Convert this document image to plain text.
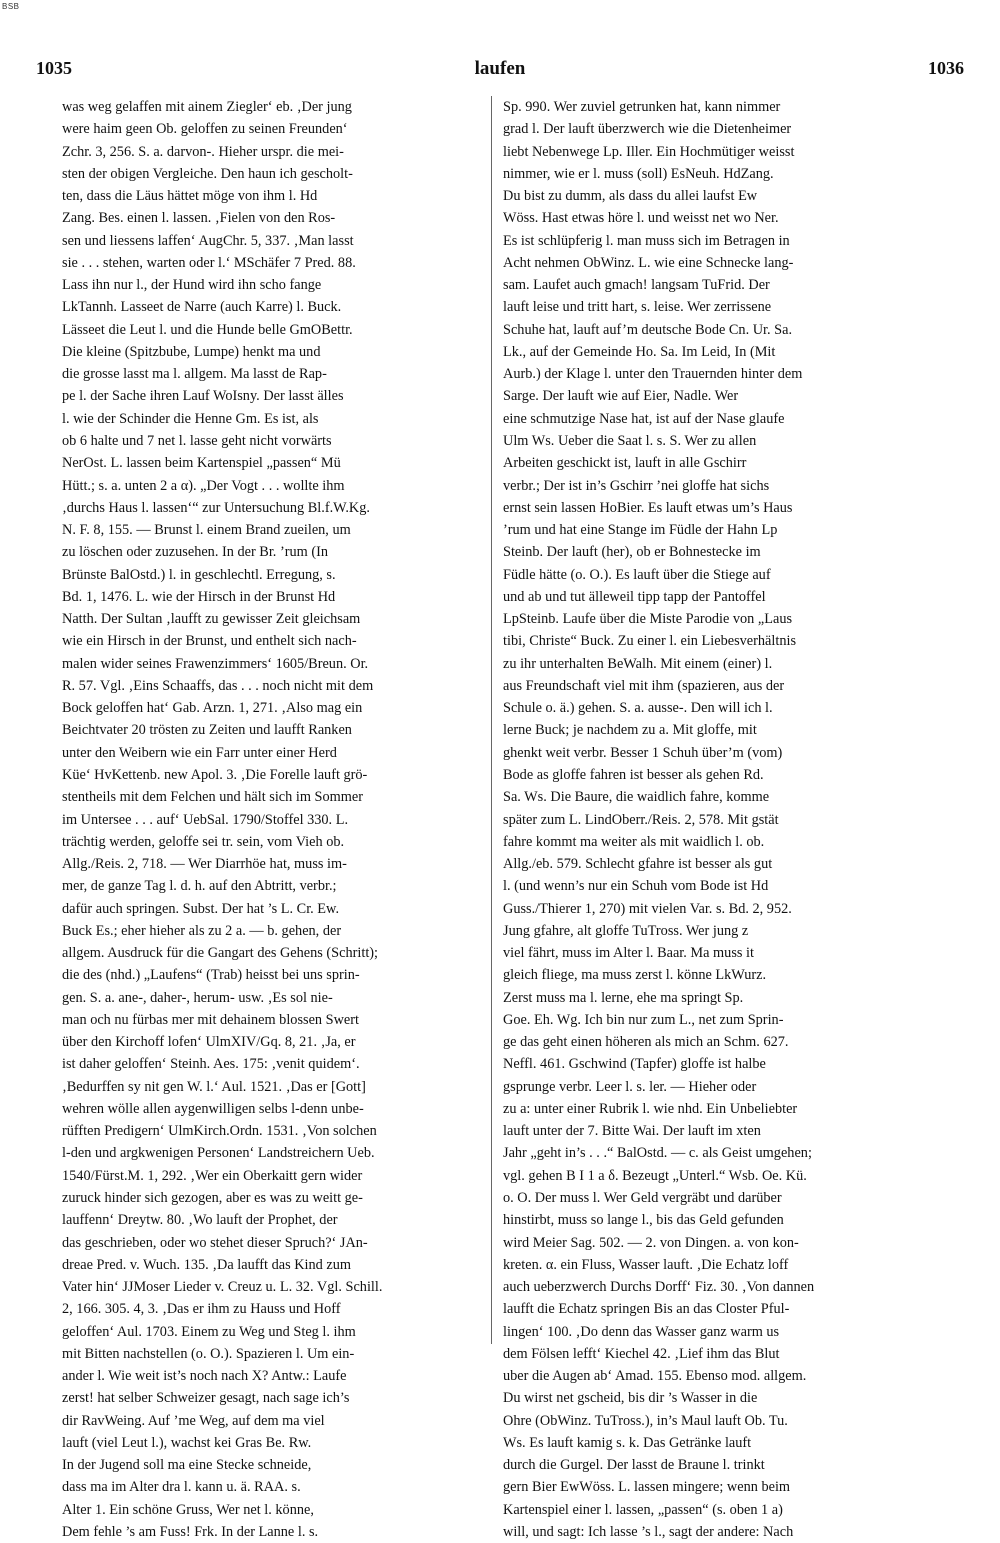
BSB
1035	laufen	1036
was weg gelaffen mit ainem Ziegler‘ eb. ‚Der jung
were haim geen Ob. geloffen zu seinen Freunden‘
Zchr. 3, 256. S. a. darvon-. Hieher urspr. die mei-
sten der obigen Vergleiche. Den haun ich gescholt-
ten, dass die Läus hättet möge von ihm l. Hd
Zang. Bes. einen l. lassen. ‚Fielen von den Ros-
sen und liessens laffen‘ AugChr. 5, 337. ‚Man lasst
sie . . . stehen, warten oder l.‘ MSchäfer 7 Pred. 88.
Lass ihn nur l., der Hund wird ihn scho fange
LkTannh. Lasseet de Narre (auch Karre) l. Buck.
Lässeet die Leut l. und die Hunde belle GmOBettr.
Die kleine (Spitzbube, Lumpe) henkt ma und
die grosse lasst ma l. allgem. Ma lasst de Rap-
pe l. der Sache ihren Lauf WoIsny. Der lasst älles
l. wie der Schinder die Henne Gm. Es ist, als
ob 6 halte und 7 net l. lasse geht nicht vorwärts
NerOst. L. lassen beim Kartenspiel „passen“ Mü
Hütt.; s. a. unten 2 a α). „Der Vogt . . . wollte ihm
‚durchs Haus l. lassen‘“ zur Untersuchung Bl.f.W.Kg.
N. F. 8, 155. — Brunst l. einem Brand zueilen, um
zu löschen oder zuzusehen. In der Br. ’rum (In
Brünste BalOstd.) l. in geschlechtl. Erregung, s.
Bd. 1, 1476. L. wie der Hirsch in der Brunst Hd
Natth. Der Sultan ‚laufft zu gewisser Zeit gleichsam
wie ein Hirsch in der Brunst, und enthelt sich nach-
malen wider seines Frawenzimmers‘ 1605/Breun. Or.
R. 57. Vgl. ‚Eins Schaaffs, das . . . noch nicht mit dem
Bock geloffen hat‘ Gab. Arzn. 1, 271. ‚Also mag ein
Beichtvater 20 trösten zu Zeiten und laufft Ranken
unter den Weibern wie ein Farr unter einer Herd
Küe‘ HvKettenb. new Apol. 3. ‚Die Forelle lauft grö-
stentheils mit dem Felchen und hält sich im Sommer
im Untersee . . . auf‘ UebSal. 1790/Stoffel 330. L.
trächtig werden, geloffe sei tr. sein, vom Vieh ob.
Allg./Reis. 2, 718. — Wer Diarrhöe hat, muss im-
mer, de ganze Tag l. d. h. auf den Abtritt, verbr.;
dafür auch springen. Subst. Der hat ’s L. Cr. Ew.
Buck Es.; eher hieher als zu 2 a. — b. gehen, der
allgem. Ausdruck für die Gangart des Gehens (Schritt);
die des (nhd.) „Laufens“ (Trab) heisst bei uns sprin-
gen. S. a. ane-, daher-, herum- usw. ‚Es sol nie-
man och nu fürbas mer mit dehainem blossen Swert
über den Kirchoff lofen‘ UlmXIV/Gq. 8, 21. ‚Ja, er
ist daher geloffen‘ Steinh. Aes. 175: ‚venit quidem‘.
‚Bedurffen sy nit gen W. l.‘ Aul. 1521. ‚Das er [Gott]
wehren wölle allen aygenwilligen selbs l-denn unbe-
rüfften Predigern‘ UlmKirch.Ordn. 1531. ‚Von solchen
l-den und argkwenigen Personen‘ Landstreichern Ueb.
1540/Fürst.M. 1, 292. ‚Wer ein Oberkaitt gern wider
zuruck hinder sich gezogen, aber es was zu weitt ge-
lauffenn‘ Dreytw. 80. ‚Wo lauft der Prophet, der
das geschrieben, oder wo stehet dieser Spruch?‘ JAn-
dreae Pred. v. Wuch. 135. ‚Da laufft das Kind zum
Vater hin‘ JJMoser Lieder v. Creuz u. L. 32. Vgl. Schill.
2, 166. 305. 4, 3. ‚Das er ihm zu Hauss und Hoff
geloffen‘ Aul. 1703. Einem zu Weg und Steg l. ihm
mit Bitten nachstellen (o. O.). Spazieren l. Um ein-
ander l. Wie weit ist’s noch nach X? Antw.: Laufe
zerst! hat selber Schweizer gesagt, nach sage ich’s
dir RavWeing. Auf ’me Weg, auf dem ma viel
lauft (viel Leut l.), wachst kei Gras Be. Rw.
In der Jugend soll ma eine Stecke schneide,
dass ma im Alter dra l. kann u. ä. RAA. s.
Alter 1. Ein schöne Gruss, Wer net l. könne,
Dem fehle ’s am Fuss! Frk. In der Lanne l. s.
Sp. 990. Wer zuviel getrunken hat, kann nimmer
grad l. Der lauft überzwerch wie die Dietenheimer
liebt Nebenwege Lp. Iller. Ein Hochmütiger weisst
nimmer, wie er l. muss (soll) EsNeuh. HdZang.
Du bist zu dumm, als dass du allei laufst Ew
Wöss. Hast etwas höre l. und weisst net wo Ner.
Es ist schlüpferig l. man muss sich im Betragen in
Acht nehmen ObWinz. L. wie eine Schnecke lang-
sam. Laufet auch gmach! langsam TuFrid. Der
lauft leise und tritt hart, s. leise. Wer zerrissene
Schuhe hat, lauft auf’m deutsche Bode Cn. Ur. Sa.
Lk., auf der Gemeinde Ho. Sa. Im Leid, In (Mit
Aurb.) der Klage l. unter den Trauernden hinter dem
Sarge. Der lauft wie auf Eier, Nadle. Wer
eine schmutzige Nase hat, ist auf der Nase glaufe
Ulm Ws. Ueber die Saat l. s. S. Wer zu allen
Arbeiten geschickt ist, lauft in alle Gschirr
verbr.; Der ist in’s Gschirr ’nei gloffe hat sichs
ernst sein lassen HoBier. Es lauft etwas um’s Haus
’rum und hat eine Stange im Füdle der Hahn Lp
Steinb. Der lauft (her), ob er Bohnestecke im
Füdle hätte (o. O.). Es lauft über die Stiege auf
und ab und tut älleweil tipp tapp der Pantoffel
LpSteinb. Laufe über die Miste Parodie von „Laus
tibi, Christe“ Buck. Zu einer l. ein Liebesverhältnis
zu ihr unterhalten BeWalh. Mit einem (einer) l.
aus Freundschaft viel mit ihm (spazieren, aus der
Schule o. ä.) gehen. S. a. ausse-. Den will ich l.
lerne Buck; je nachdem zu a. Mit gloffe, mit
ghenkt weit verbr. Besser 1 Schuh über’m (vom)
Bode as gloffe fahren ist besser als gehen Rd.
Sa. Ws. Die Baure, die waidlich fahre, komme
später zum L. LindOberr./Reis. 2, 578. Mit gstät
fahre kommt ma weiter als mit waidlich l. ob.
Allg./eb. 579. Schlecht gfahre ist besser als gut
l. (und wenn’s nur ein Schuh vom Bode ist Hd
Guss./Thierer 1, 270) mit vielen Var. s. Bd. 2, 952.
Jung gfahre, alt gloffe TuTross. Wer jung z
viel fährt, muss im Alter l. Baar. Ma muss it
gleich fliege, ma muss zerst l. könne LkWurz.
Zerst muss ma l. lerne, ehe ma springt Sp.
Goe. Eh. Wg. Ich bin nur zum L., net zum Sprin-
ge das geht einen höheren als mich an Schm. 627.
Neffl. 461. Gschwind (Tapfer) gloffe ist halbe
gsprunge verbr. Leer l. s. ler. — Hieher oder
zu a: unter einer Rubrik l. wie nhd. Ein Unbeliebter
lauft unter der 7. Bitte Wai. Der lauft im xten
Jahr „geht in’s . . .“ BalOstd. — c. als Geist umgehen;
vgl. gehen B I 1 a δ. Bezeugt „Unterl.“ Wsb. Oe. Kü.
o. O. Der muss l. Wer Geld vergräbt und darüber
hinstirbt, muss so lange l., bis das Geld gefunden
wird Meier Sag. 502. — 2. von Dingen. a. von kon-
kreten. α. ein Fluss, Wasser lauft. ‚Die Echatz loff
auch ueberzwerch Durchs Dorff‘ Fiz. 30. ‚Von dannen
laufft die Echatz springen Bis an das Closter Pful-
lingen‘ 100. ‚Do denn das Wasser ganz warm us
dem Fölsen lefft‘ Kiechel 42. ‚Lief ihm das Blut
uber die Augen ab‘ Amad. 155. Ebenso mod. allgem.
Du wirst net gscheid, bis dir ’s Wasser in die
Ohre (ObWinz. TuTross.), in’s Maul lauft Ob. Tu.
Ws. Es lauft kamig s. k. Das Getränke lauft
durch die Gurgel. Der lasst de Braune l. trinkt
gern Bier EwWöss. L. lassen mingere; wenn beim
Kartenspiel einer l. lassen, „passen“ (s. oben 1 a)
will, und sagt: Ich lasse ’s l., sagt der andere: Nach
